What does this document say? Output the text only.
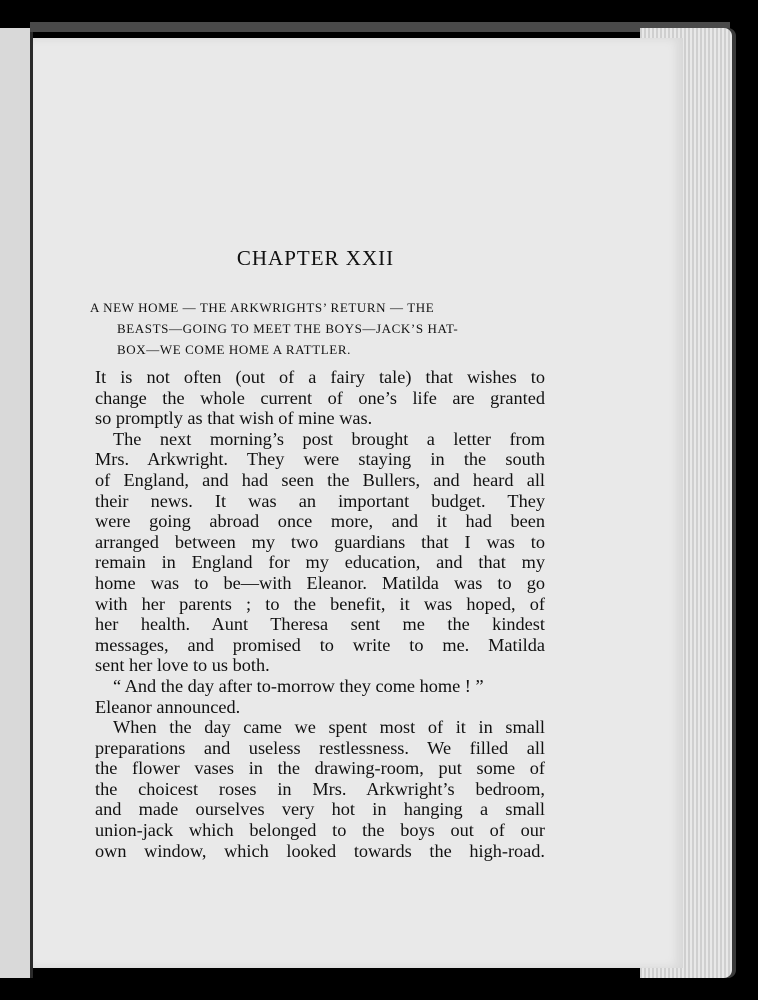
CHAPTER XXII
A NEW HOME — THE ARKWRIGHTS’ RETURN — THE
BEASTS—GOING TO MEET THE BOYS—JACK’S HAT-
BOX—WE COME HOME A RATTLER.
It is not often (out of a fairy tale) that wishes to
change the whole current of one’s life are granted
so promptly as that wish of mine was.
The next morning’s post brought a letter from
Mrs. Arkwright. They were staying in the south
of England, and had seen the Bullers, and heard all
their news. It was an important budget. They
were going abroad once more, and it had been
arranged between my two guardians that I was to
remain in England for my education, and that my
home was to be—with Eleanor. Matilda was to go
with her parents ; to the benefit, it was hoped, of
her health. Aunt Theresa sent me the kindest
messages, and promised to write to me. Matilda
sent her love to us both.
“ And the day after to-morrow they come home ! ”
Eleanor announced.
When the day came we spent most of it in small
preparations and useless restlessness. We filled all
the flower vases in the drawing-room, put some of
the choicest roses in Mrs. Arkwright’s bedroom,
and made ourselves very hot in hanging a small
union-jack which belonged to the boys out of our
own window, which looked towards the high-road.
